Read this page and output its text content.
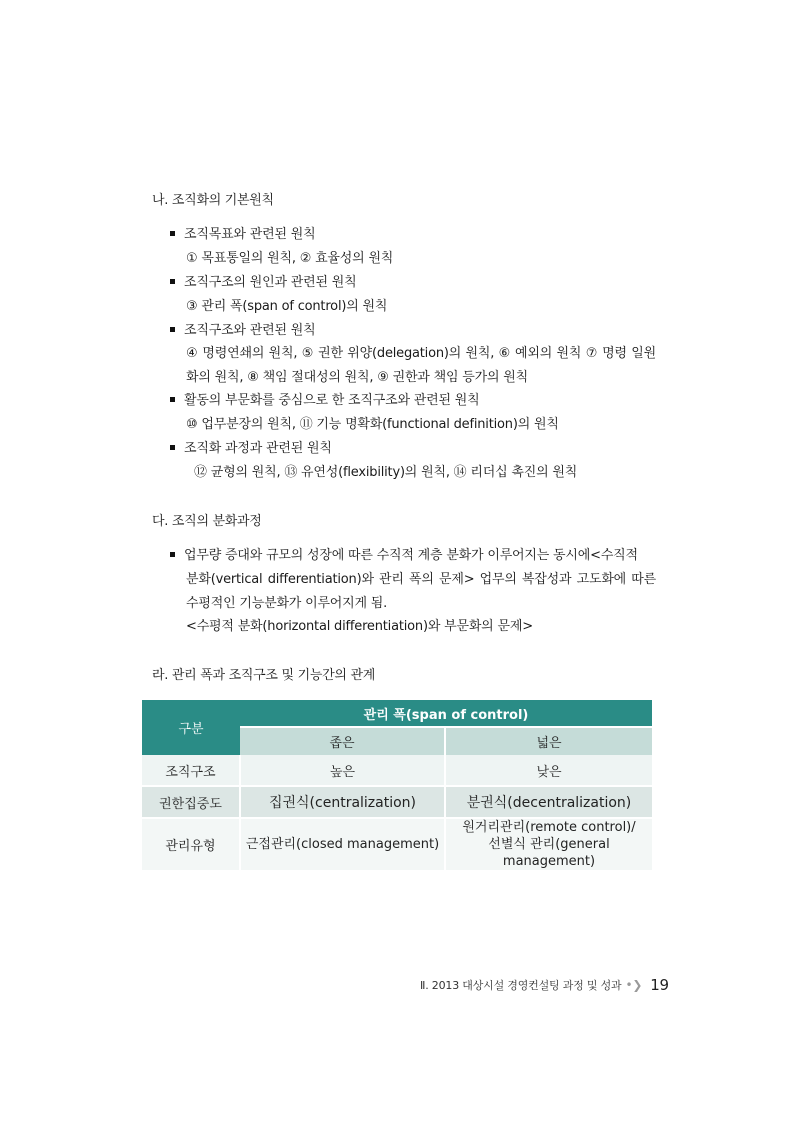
나. 조직화의 기본원칙
조직목표와 관련된 원칙
① 목표통일의 원칙, ② 효율성의 원칙
조직구조의 원인과 관련된 원칙
③ 관리 폭(span of control)의 원칙
조직구조와 관련된 원칙
④ 명령연쇄의 원칙, ⑤ 권한 위양(delegation)의 원칙, ⑥ 예외의 원칙 ⑦ 명령 일원
화의 원칙, ⑧ 책임 절대성의 원칙, ⑨ 권한과 책임 등가의 원칙
활동의 부문화를 중심으로 한 조직구조와 관련된 원칙
⑩ 업무분장의 원칙, ⑪ 기능 명확화(functional definition)의 원칙
조직화 과정과 관련된 원칙
⑫ 균형의 원칙, ⑬ 유연성(flexibility)의 원칙, ⑭ 리더십 촉진의 원칙
다. 조직의 분화과정
업무량 증대와 규모의 성장에 따른 수직적 계층 분화가 이루어지는 동시에<수직적
분화(vertical differentiation)와 관리 폭의 문제> 업무의 복잡성과 고도화에 따른
수평적인 기능분화가 이루어지게 됨.
<수평적 분화(horizontal differentiation)와 부문화의 문제>
라. 관리 폭과 조직구조 및 기능간의 관계
구분	관리 폭(span of control)	
	좁은	넓은
조직구조	높은	낮은
권한집중도	집권식(centralization)	분권식(decentralization)
관리유형	근접관리(closed management)	원거리관리(remote control)/
선별식 관리(general management)
Ⅱ. 2013 대상시설 경영컨설팅 과정 및 성과 •❯ 19
